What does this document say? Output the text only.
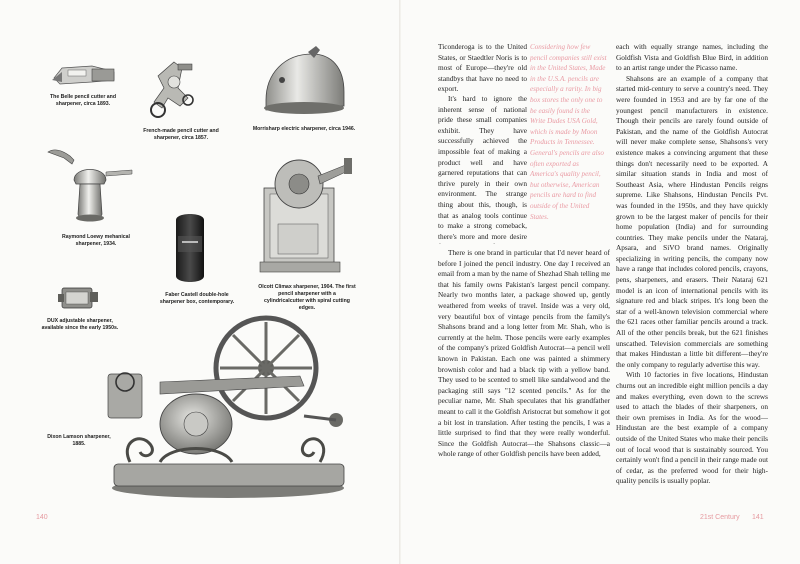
The Belle pencil cutter and sharpener, circa 1893.
French-made pencil cutter and sharpener, circa 1857.
Morrisharp electric sharpener, circa 1946.
Raymond Loewy mehanical sharpener, 1934.
Faber Castell double-hole sharpener box, contemporary.
Olcott Climax sharpener, 1904. The first pencil sharpener with a cylindricalcutter with spiral cutting edges.
DUX adjustable sharpener, available since the early 1950s.
Dixon Lamson sharpener, 1885.
140

Ticonderoga is to the United States, or Staedtler Noris is to most of Europe—they're old standbys that have no need to export.

Considering how few pencil companies still exist in the United States, Made in the U.S.A. pencils are especially a rarity. In big box stores the only one to be easily found is the Write Dudes USA Gold, which is made by Moon Products in Tennessee. General's pencils are also often exported as America's quality pencil, but otherwise, American pencils are hard to find outside of the United States.

It's hard to ignore the inherent sense of national pride these small companies exhibit. They have successfully achieved the impossible feat of making a product well and have garnered reputations that can thrive purely in their own environment. The strange thing about this, though, is that as analog tools continue to make a strong comeback, there's more and more desire

There is one brand in particular that I'd never heard of before I joined the pencil industry. One day I received an email from a man by the name of Shezhad Shah telling me that his family owns Pakistan's largest pencil company. Nearly two months later, a package showed up, gently weathered from weeks of travel. Inside was a very old, very beautiful box of vintage pencils from the family's Shahsons brand and a long letter from Mr. Shah, who is currently at the helm. Those pencils were early examples of the company's prized Goldfish Autocrat—a pencil well known in Pakistan. Each one was painted a shimmery brownish color and had a black tip with a yellow band. They used to be scented to smell like sandalwood and the packaging still says "12 scented pencils." As for the peculiar name, Mr. Shah speculates that his grandfather meant to call it the Goldfish Aristocrat but somehow it got a bit lost in translation. After testing the pencils, I was a little surprised to find that they were really wonderful. Since the Goldfish Autocrat—the Shahsons classic—a whole range of other Goldfish pencils have been added,

each with equally strange names, including the Goldfish Vista and Goldfish Blue Bird, in addition to an artist range under the Picasso name.

Shahsons are an example of a company that started mid-century to serve a country's need. They were founded in 1953 and are by far one of the youngest pencil manufacturers in existence. Though their pencils are rarely found outside of Pakistan, and the name of the Goldfish Autocrat will never make complete sense, Shahsons's very existence makes a convincing argument that these things don't necessarily need to be exported. A similar situation stands in India and most of Southeast Asia, where Hindustan Pencils reigns supreme. Like Shahsons, Hindustan Pencils Pvt. was founded in the 1950s, and they have quickly grown to be the largest maker of pencils for their home population (India) and for surrounding countries. They make pencils under the Nataraj, Apsara, and SiVO brand names. Originally specializing in writing pencils, the company now have a range that includes colored pencils, crayons, pens, sharpeners, and erasers. Their Nataraj 621 model is an icon of international pencils with its signature red and black stripes. It's long been the star of a well-known television commercial where the 621 races other familiar pencils around a track. All of the other pencils break, but the 621 finishes unscathed. Television commercials are something that makes Hindustan a little bit different—they're the only company to regularly advertise this way.

With 10 factories in five locations, Hindustan churns out an incredible eight million pencils a day and makes everything, even down to the screws used to attach the blades of their sharpeners, on their own premises in India. As for the wood—Hindustan are the best example of a company outside of the United States who make their pencils out of local wood that is sustainably sourced. You certainly won't find a pencil in their range made out of cedar, as the preferred wood for their high-quality pencils is usually poplar.

21st Century 141
